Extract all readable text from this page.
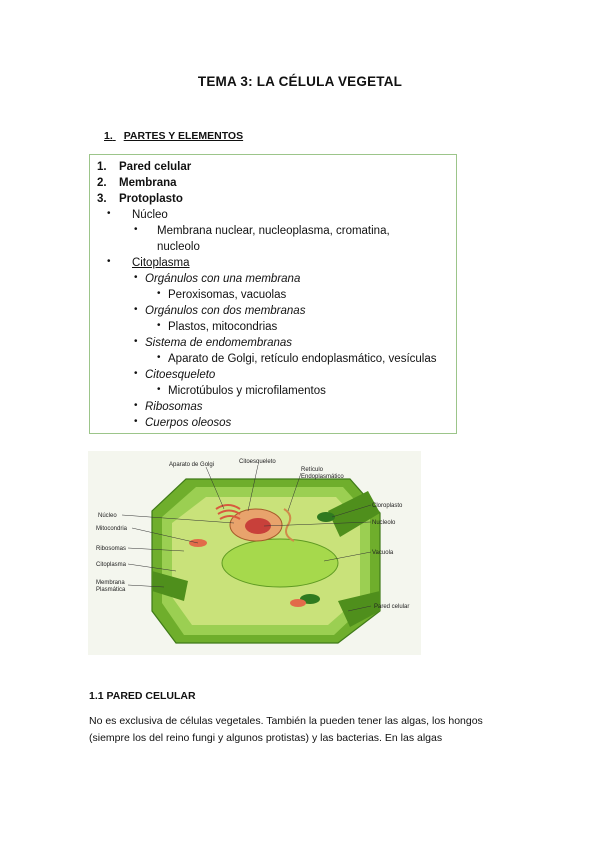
TEMA 3: LA CÉLULA VEGETAL
1. PARTES Y ELEMENTOS
1. Pared celular
2. Membrana
3. Protoplasto
• Núcleo
• Membrana nuclear, nucleoplasma, cromatina,
nucleolo
• Citoplasma
• Orgánulos con una membrana
• Peroxisomas, vacuolas
• Orgánulos con dos membranas
• Plastos, mitocondrias
• Sistema de endomembranas
• Aparato de Golgi, retículo endoplasmático, vesículas
• Citoesqueleto
• Microtúbulos y microfilamentos
• Ribosomas
• Cuerpos oleosos
Aparato de Golgi	Citoesqueleto
Retículo
Endoplasmático
Cloroplasto
Nucleolo
Núcleo
Mitocondria
Ribosomas
Vacuola
Citoplasma
Membrana
Plasmática
Pared celular
1.1 PARED CELULAR
No es exclusiva de células vegetales. También la pueden tener las algas, los hongos
(siempre los del reino fungi y algunos protistas) y las bacterias. En las algas
